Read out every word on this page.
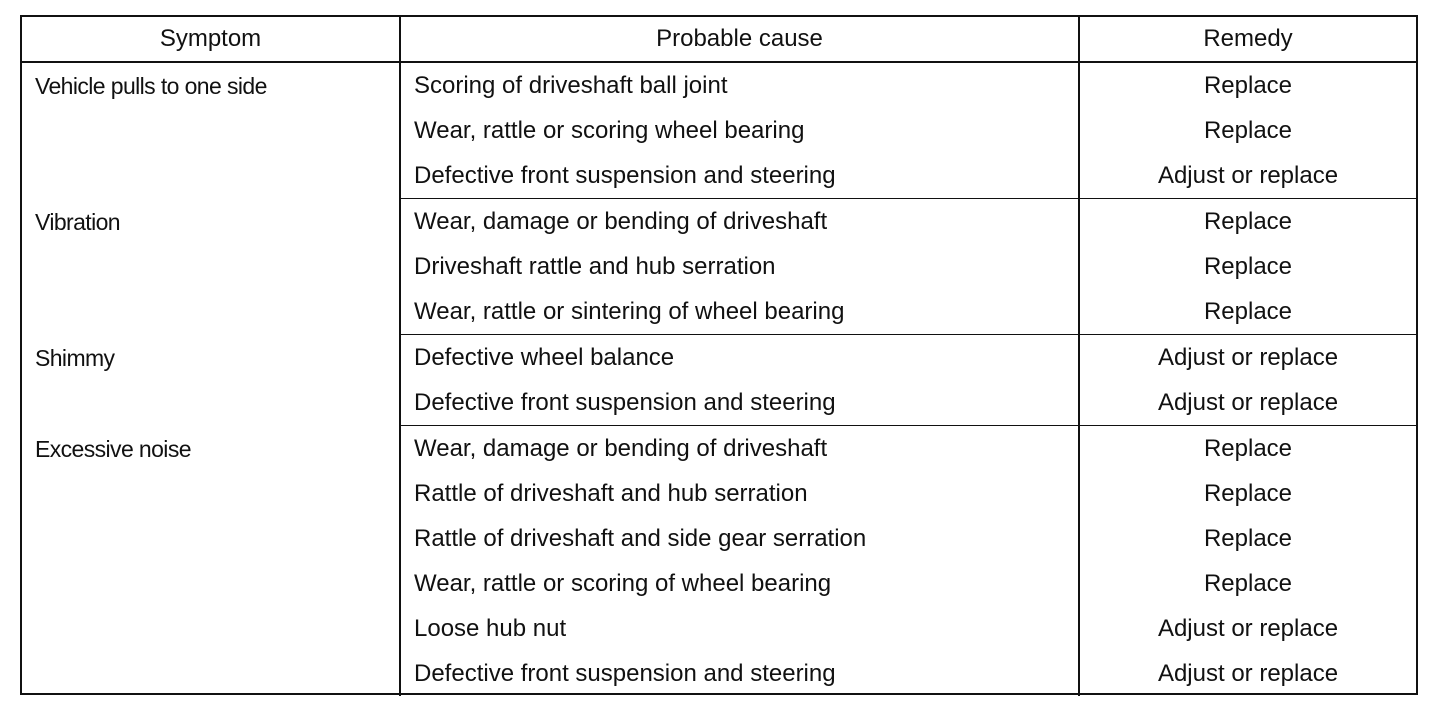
Symptom	Probable cause	Remedy
Vehicle pulls to one side	Scoring of driveshaft ball joint	Replace
	Wear, rattle or scoring wheel bearing	Replace
	Defective front suspension and steering	Adjust or replace
Vibration	Wear, damage or bending of driveshaft	Replace
	Driveshaft rattle and hub serration	Replace
	Wear, rattle or sintering of wheel bearing	Replace
Shimmy	Defective wheel balance	Adjust or replace
	Defective front suspension and steering	Adjust or replace
Excessive noise	Wear, damage or bending of driveshaft	Replace
	Rattle of driveshaft and hub serration	Replace
	Rattle of driveshaft and side gear serration	Replace
	Wear, rattle or scoring of wheel bearing	Replace
	Loose hub nut	Adjust or replace
	Defective front suspension and steering	Adjust or replace
